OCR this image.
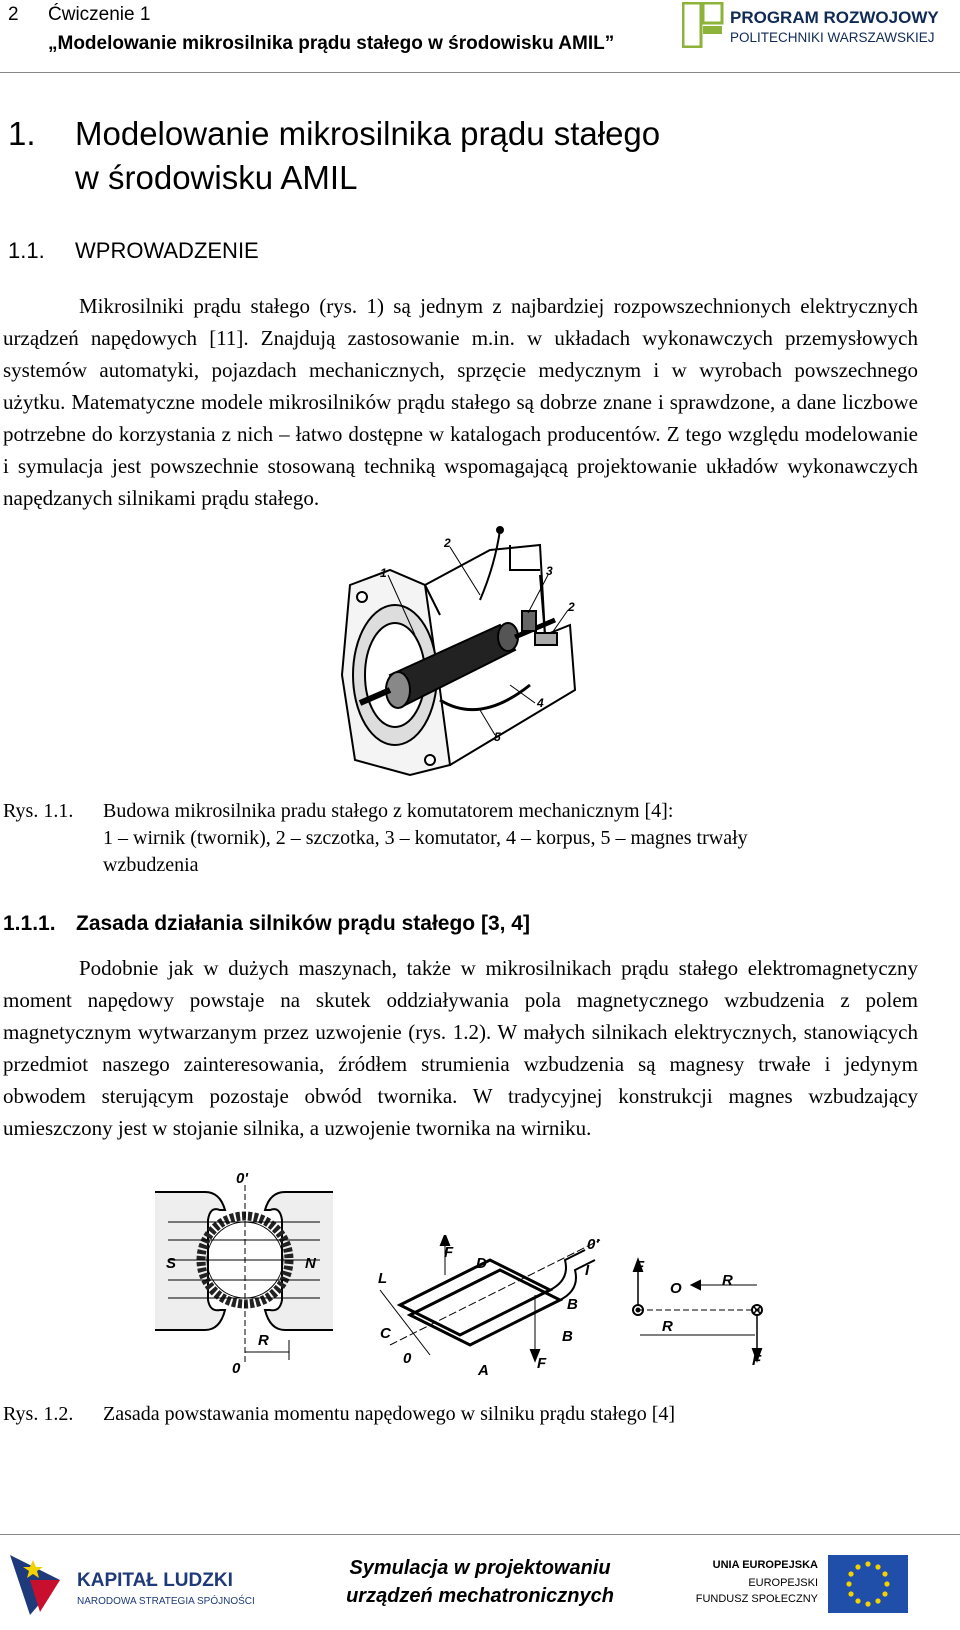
2 Ćwiczenie 1
„Modelowanie mikrosilnika prądu stałego w środowisku AMIL”
PROGRAM ROZWOJOWY
POLITECHNIKI WARSZAWSKIEJ
1. Modelowanie mikrosilnika prądu stałego
w środowisku AMIL
1.1. WPROWADZENIE
Mikrosilniki prądu stałego (rys. 1) są jednym z najbardziej rozpowszechnionych elektrycznych urządzeń napędowych [11]. Znajdują zastosowanie m.in. w układach wykonawczych przemysłowych systemów automatyki, pojazdach mechanicznych, sprzęcie medycznym i w wyrobach powszechnego użytku. Matematyczne modele mikrosilników prądu stałego są dobrze znane i sprawdzone, a dane liczbowe potrzebne do korzystania z nich – łatwo dostępne w katalogach producentów. Z tego względu modelowanie i symulacja jest powszechnie stosowaną techniką wspomagającą projektowanie układów wykonawczych napędzanych silnikami prądu stałego.
1
2
3
2
4
5
Rys. 1.1. Budowa mikrosilnika pradu stałego z komutatorem mechanicznym [4]:
1 – wirnik (twornik), 2 – szczotka, 3 – komutator, 4 – korpus, 5 – magnes trwały
wzbudzenia
1.1.1. Zasada działania silników prądu stałego [3, 4]
Podobnie jak w dużych maszynach, także w mikrosilnikach prądu stałego elektromagnetyczny moment napędowy powstaje na skutek oddziaływania pola magnetycznego wzbudzenia z polem magnetycznym wytwarzanym przez uzwojenie (rys. 1.2). W małych silnikach elektrycznych, stanowiących przedmiot naszego zainteresowania, źródłem strumienia wzbudzenia są magnesy trwałe i jedynym obwodem sterującym pozostaje obwód twornika. W tradycyjnej konstrukcji magnes wzbudzający umieszczony jest w stojanie silnika, a uzwojenie twornika na wirniku.
0'
S	N
R
0
F
D
0'
I
L
B
C	B
0	F
A
F
O	R
R
F
Rys. 1.2. Zasada powstawania momentu napędowego w silniku prądu stałego [4]
KAPITAŁ LUDZKI
NARODOWA STRATEGIA SPÓJNOŚCI
Symulacja w projektowaniu
urządzeń mechatronicznych
UNIA EUROPEJSKA
EUROPEJSKI
FUNDUSZ SPOŁECZNY
